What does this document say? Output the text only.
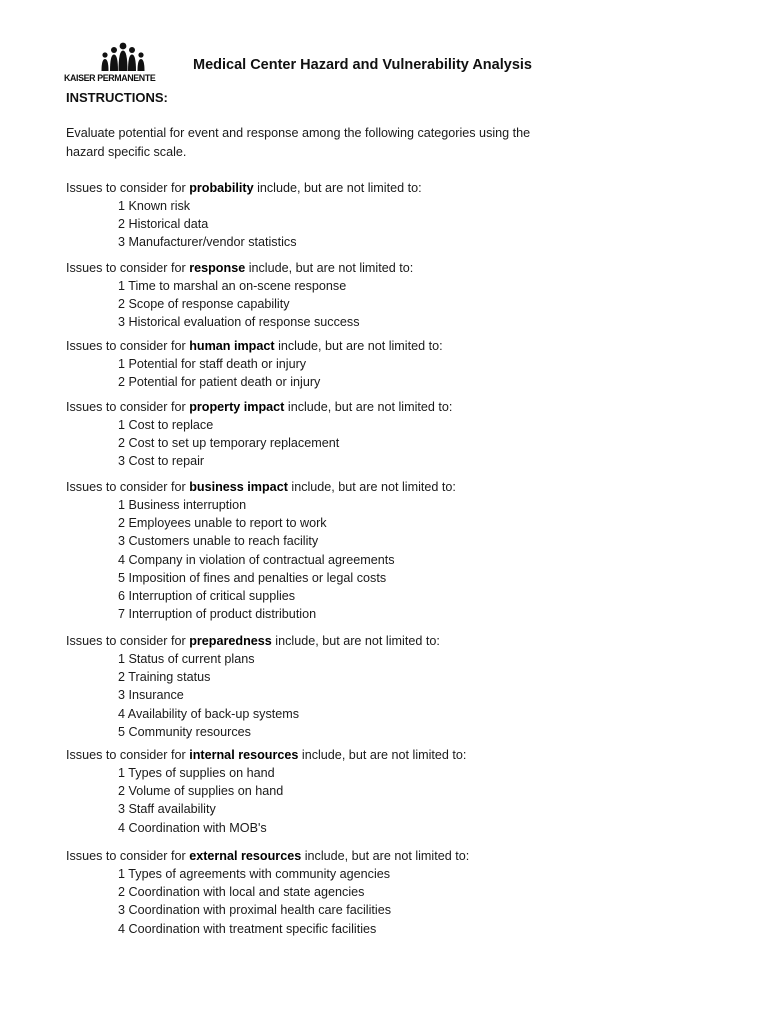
KAISER PERMANENTE
Medical Center Hazard and Vulnerability Analysis
INSTRUCTIONS:
Evaluate potential for event and response among the following categories using the hazard specific scale.
Issues to consider for probability include, but are not limited to:
1 Known risk
2 Historical data
3 Manufacturer/vendor statistics
Issues to consider for response include, but are not limited to:
1 Time to marshal an on-scene response
2 Scope of response capability
3 Historical evaluation of response success
Issues to consider for human impact include, but are not limited to:
1 Potential for staff death or injury
2 Potential for patient death or injury
Issues to consider for property impact include, but are not limited to:
1 Cost to replace
2 Cost to set up temporary replacement
3 Cost to repair
Issues to consider for business impact include, but are not limited to:
1 Business interruption
2 Employees unable to report to work
3 Customers unable to reach facility
4 Company in violation of contractual agreements
5 Imposition of fines and penalties or legal costs
6 Interruption of critical supplies
7 Interruption of product distribution
Issues to consider for preparedness include, but are not limited to:
1 Status of current plans
2 Training status
3 Insurance
4 Availability of back-up systems
5 Community resources
Issues to consider for internal resources include, but are not limited to:
1 Types of supplies on hand
2 Volume of supplies on hand
3 Staff availability
4 Coordination with MOB's
Issues to consider for external resources include, but are not limited to:
1 Types of agreements with community agencies
2 Coordination with local and state agencies
3 Coordination with proximal health care facilities
4 Coordination with treatment specific facilities
